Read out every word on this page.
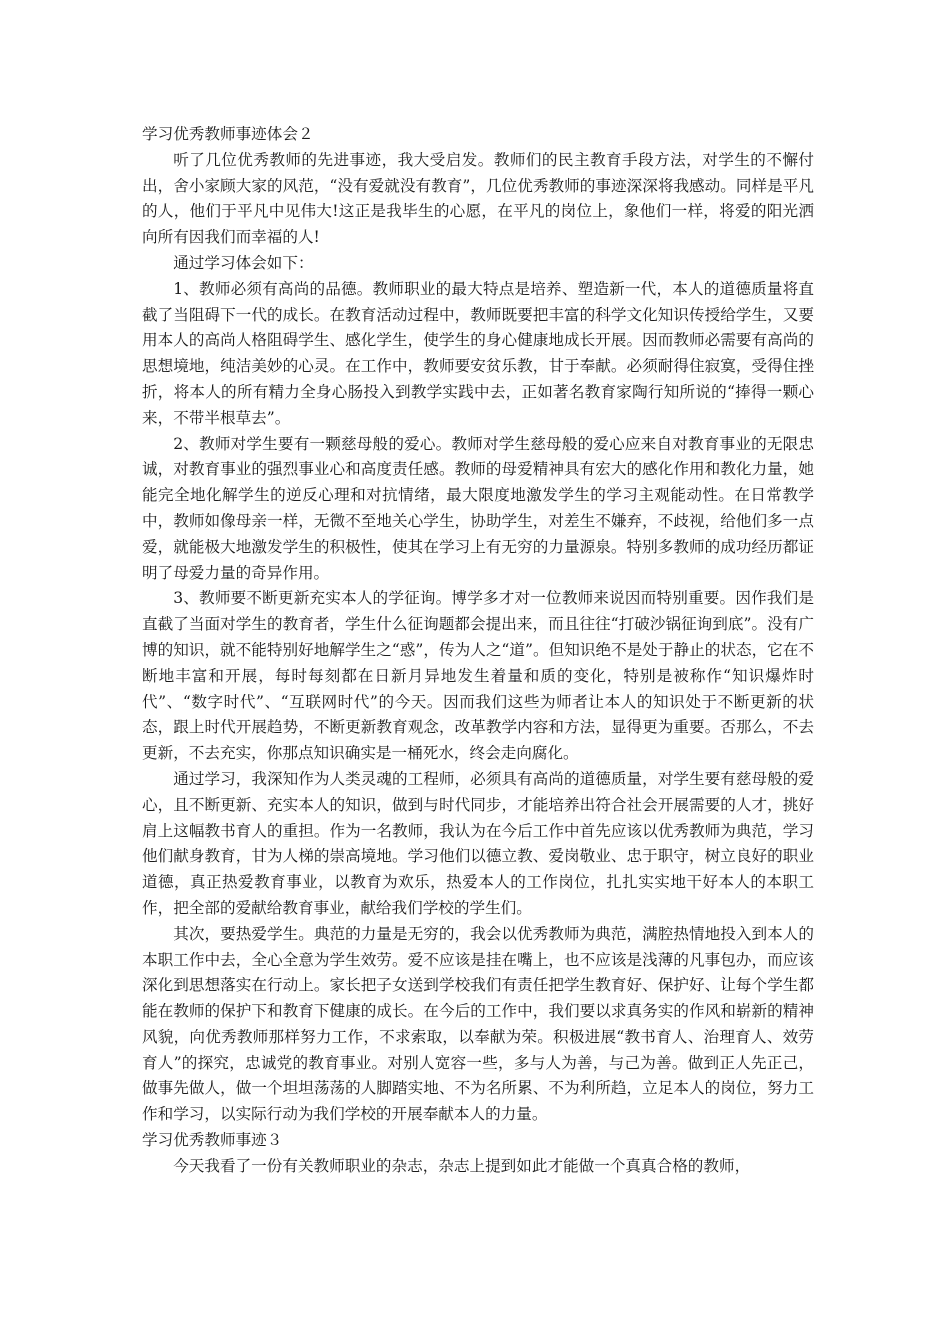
学习优秀教师事迹体会２

听了几位优秀教师的先进事迹，我大受启发。教师们的民主教育手段方法，对学生的不懈付出，舍小家顾大家的风范，“没有爱就没有教育”，几位优秀教师的事迹深深将我感动。同样是平凡的人，他们于平凡中见伟大!这正是我毕生的心愿，在平凡的岗位上，象他们一样，将爱的阳光洒向所有因我们而幸福的人!

通过学习体会如下：

1、教师必须有高尚的品德。教师职业的最大特点是培养、塑造新一代，本人的道德质量将直截了当阻碍下一代的成长。在教育活动过程中，教师既要把丰富的科学文化知识传授给学生，又要用本人的高尚人格阻碍学生、感化学生，使学生的身心健康地成长开展。因而教师必需要有高尚的思想境地，纯洁美妙的心灵。在工作中，教师要安贫乐教，甘于奉献。必须耐得住寂寞，受得住挫折，将本人的所有精力全身心肠投入到教学实践中去，正如著名教育家陶行知所说的“捧得一颗心来，不带半根草去”。

2、教师对学生要有一颗慈母般的爱心。教师对学生慈母般的爱心应来自对教育事业的无限忠诚，对教育事业的强烈事业心和高度责任感。教师的母爱精神具有宏大的感化作用和教化力量，她能完全地化解学生的逆反心理和对抗情绪，最大限度地激发学生的学习主观能动性。在日常教学中，教师如像母亲一样，无微不至地关心学生，协助学生，对差生不嫌弃，不歧视，给他们多一点爱，就能极大地激发学生的积极性，使其在学习上有无穷的力量源泉。特别多教师的成功经历都证明了母爱力量的奇异作用。

3、教师要不断更新充实本人的学征询。博学多才对一位教师来说因而特别重要。因作我们是直截了当面对学生的教育者，学生什么征询题都会提出来，而且往往“打破沙锅征询到底”。没有广博的知识，就不能特别好地解学生之“惑”，传为人之“道”。但知识绝不是处于静止的状态，它在不断地丰富和开展，每时每刻都在日新月异地发生着量和质的变化，特别是被称作“知识爆炸时代”、“数字时代”、“互联网时代”的今天。因而我们这些为师者让本人的知识处于不断更新的状态，跟上时代开展趋势，不断更新教育观念，改革教学内容和方法，显得更为重要。否那么，不去更新，不去充实，你那点知识确实是一桶死水，终会走向腐化。

通过学习，我深知作为人类灵魂的工程师，必须具有高尚的道德质量，对学生要有慈母般的爱心，且不断更新、充实本人的知识，做到与时代同步，才能培养出符合社会开展需要的人才，挑好肩上这幅教书育人的重担。作为一名教师，我认为在今后工作中首先应该以优秀教师为典范，学习他们献身教育，甘为人梯的崇高境地。学习他们以德立教、爱岗敬业、忠于职守，树立良好的职业道德，真正热爱教育事业，以教育为欢乐，热爱本人的工作岗位，扎扎实实地干好本人的本职工作，把全部的爱献给教育事业，献给我们学校的学生们。

其次，要热爱学生。典范的力量是无穷的，我会以优秀教师为典范，满腔热情地投入到本人的本职工作中去，全心全意为学生效劳。爱不应该是挂在嘴上，也不应该是浅薄的凡事包办，而应该深化到思想落实在行动上。家长把子女送到学校我们有责任把学生教育好、保护好、让每个学生都能在教师的保护下和教育下健康的成长。在今后的工作中，我们要以求真务实的作风和崭新的精神风貌，向优秀教师那样努力工作，不求索取，以奉献为荣。积极进展“教书育人、治理育人、效劳育人”的探究，忠诚党的教育事业。对别人宽容一些，多与人为善，与己为善。做到正人先正己，做事先做人，做一个坦坦荡荡的人脚踏实地、不为名所累、不为利所趋，立足本人的岗位，努力工作和学习，以实际行动为我们学校的开展奉献本人的力量。

学习优秀教师事迹３

今天我看了一份有关教师职业的杂志，杂志上提到如此才能做一个真真合格的教师，
